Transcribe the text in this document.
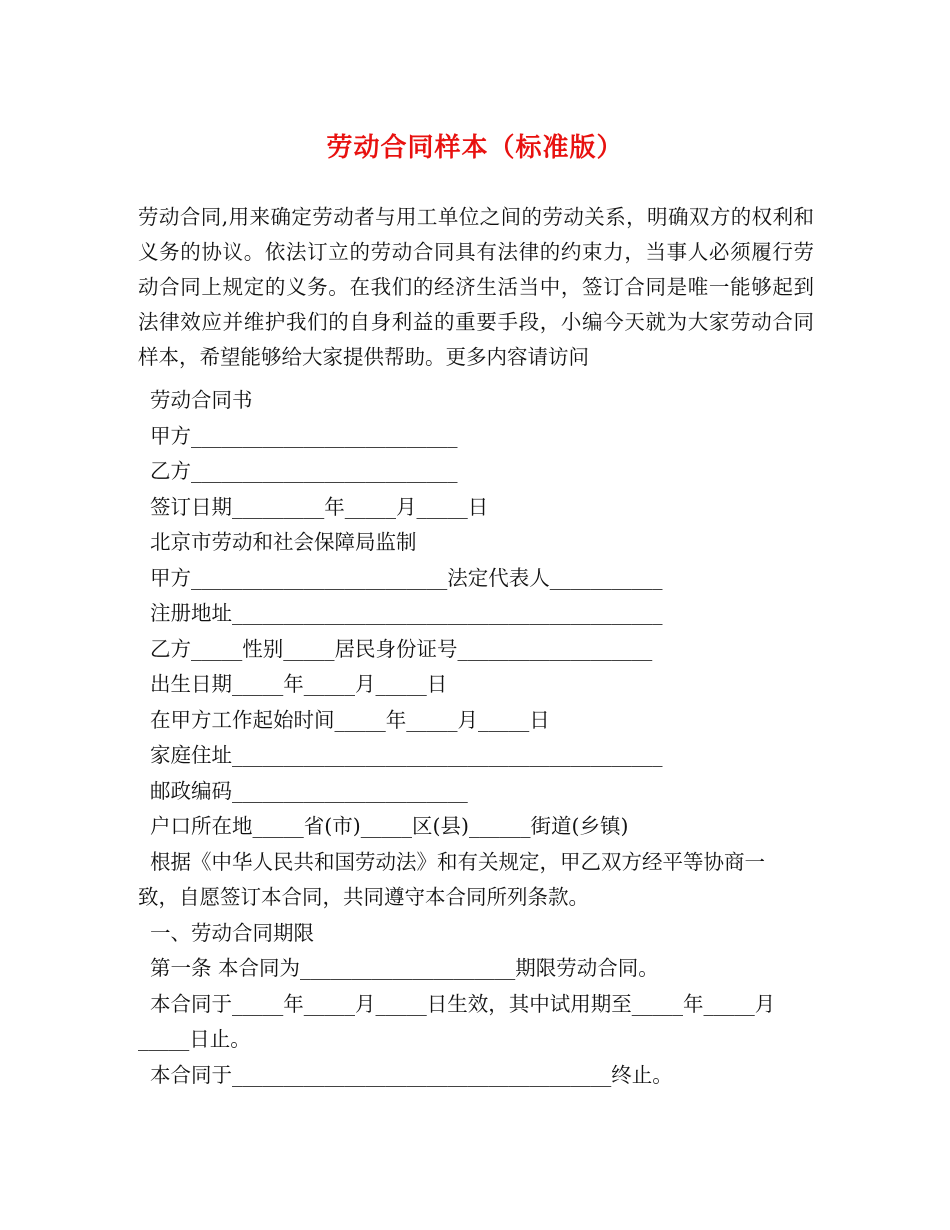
劳动合同样本（标准版）

劳动合同,用来确定劳动者与用工单位之间的劳动关系，明确双方的权利和义务的协议。依法订立的劳动合同具有法律的约束力，当事人必须履行劳动合同上规定的义务。在我们的经济生活当中，签订合同是唯一能够起到法律效应并维护我们的自身利益的重要手段，小编今天就为大家劳动合同样本，希望能够给大家提供帮助。更多内容请访问

劳动合同书
甲方__________________________
乙方__________________________
签订日期_________年_____月_____日
北京市劳动和社会保障局监制
甲方_________________________法定代表人___________
注册地址__________________________________________
乙方_____性别_____居民身份证号___________________
出生日期_____年_____月_____日
在甲方工作起始时间_____年_____月_____日
家庭住址__________________________________________
邮政编码_______________________
户口所在地_____省(市)_____区(县)______街道(乡镇)
根据《中华人民共和国劳动法》和有关规定，甲乙双方经平等协商一
致，自愿签订本合同，共同遵守本合同所列条款。
一、劳动合同期限
第一条 本合同为_____________________期限劳动合同。
本合同于_____年_____月_____日生效，其中试用期至_____年_____月
_____日止。
本合同于_____________________________________终止。
